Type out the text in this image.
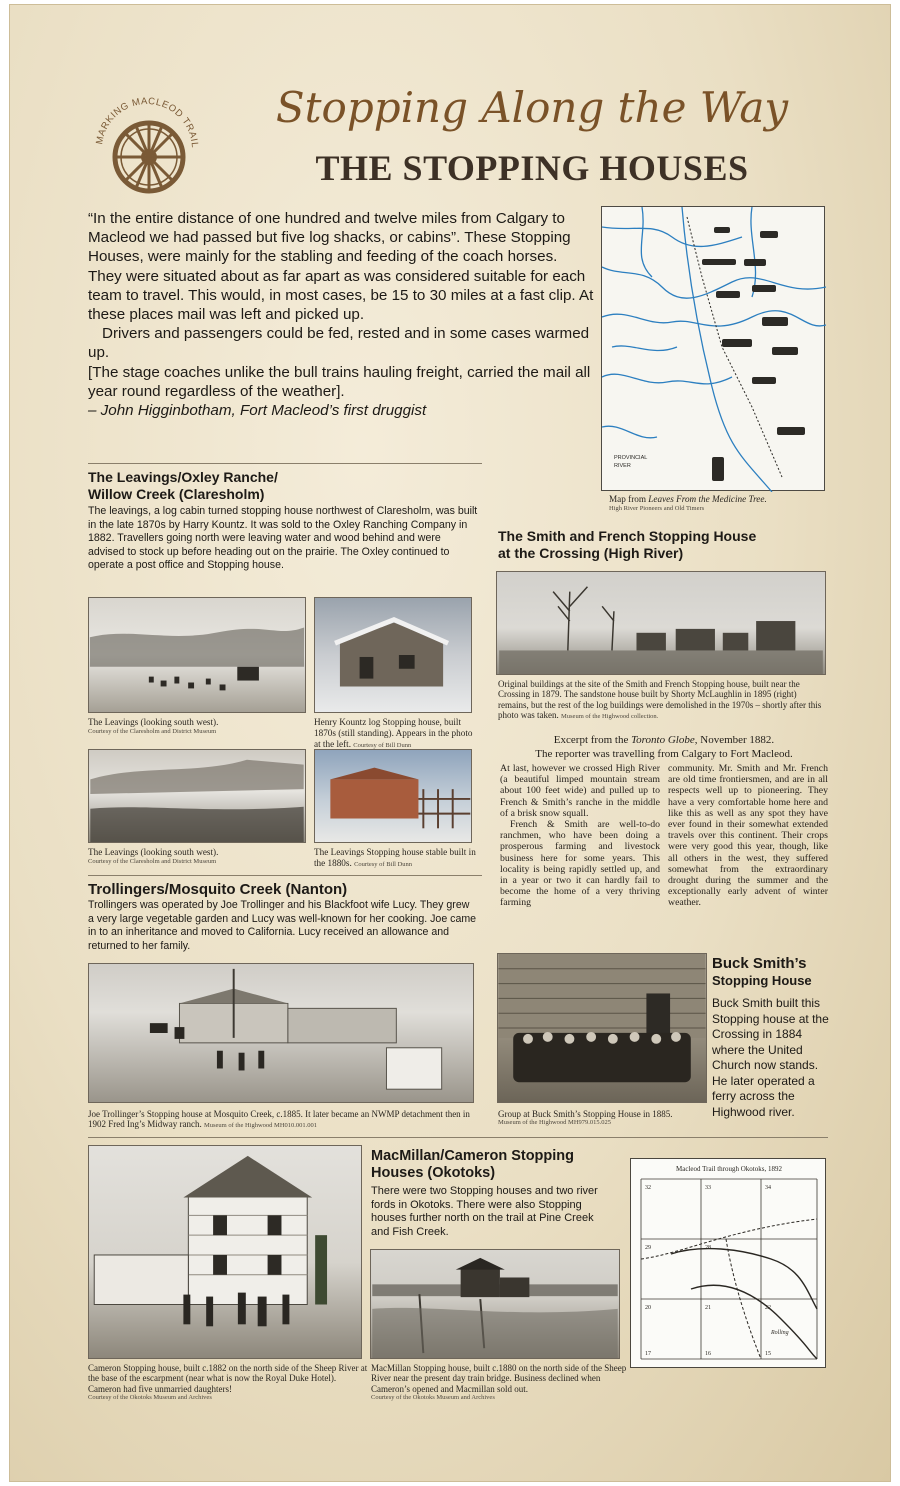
MARKING MACLEOD TRAIL
Stopping Along the Way
THE STOPPING HOUSES
“In the entire distance of one hundred and twelve miles from Calgary to Macleod we had passed but five log shacks, or cabins”. These Stopping Houses, were mainly for the stabling and feeding of the coach horses. They were situated about as far apart as was considered suitable for each team to travel. This would, in most cases, be 15 to 30 miles at a fast clip. At these places mail was left and picked up.
Drivers and passengers could be fed, rested and in some cases warmed up.
[The stage coaches unlike the bull trains hauling freight, carried the mail all year round regardless of the weather].
– John Higginbotham, Fort Macleod’s first druggist
PROVINCIAL
RIVER
Map from Leaves From the Medicine Tree.
High River Pioneers and Old Timers
The Leavings/Oxley Ranche/
Willow Creek (Claresholm)
The leavings, a log cabin turned stopping house northwest of Claresholm, was built in the late 1870s by Harry Kountz. It was sold to the Oxley Ranching Company in 1882. Travellers going north were leaving water and wood behind and were advised to stock up before heading out on the prairie. The Oxley continued to operate a post office and Stopping house.
The Leavings (looking south west).
Courtesy of the Claresholm and District Museum
Henry Kountz log Stopping house, built 1870s (still standing). Appears in the photo at the left. Courtesy of Bill Dunn
The Leavings (looking south west).
Courtesy of the Claresholm and District Museum
The Leavings Stopping house stable built in the 1880s. Courtesy of Bill Dunn
The Smith and French Stopping House
at the Crossing (High River)
Original buildings at the site of the Smith and French Stopping house, built near the Crossing in 1879. The sandstone house built by Shorty McLaughlin in 1895 (right) remains, but the rest of the log buildings were demolished in the 1970s – shortly after this photo was taken. Museum of the Highwood collection.
Excerpt from the Toronto Globe, November 1882.
The reporter was travelling from Calgary to Fort Macleod.

At last, however we crossed High River (a beautiful limped mountain stream about 100 feet wide) and pulled up to French & Smith’s ranche in the middle of a brisk snow squall.

French & Smith are well-to-do ranchmen, who have been doing a prosperous farming and livestock business here for some years. This locality is being rapidly settled up, and in a year or two it can hardly fail to become the home of a very thriving farming

community. Mr. Smith and Mr. French are old time frontiersmen, and are in all respects well up to pioneering. They have a very comfortable home here and like this as well as any spot they have ever found in their somewhat extended travels over this continent. Their crops were very good this year, though, like all others in the west, they suffered somewhat from the extraordinary drought during the summer and the exceptionally early advent of winter weather.

Trollingers/Mosquito Creek (Nanton)
Trollingers was operated by Joe Trollinger and his Blackfoot wife Lucy. They grew a very large vegetable garden and Lucy was well-known for her cooking. Joe came in to an inheritance and moved to California. Lucy received an allowance and returned to her family.
Joe Trollinger’s Stopping house at Mosquito Creek, c.1885. It later became an NWMP detachment then in 1902 Fred Ing’s Midway ranch. Museum of the Highwood MH010.001.001
Group at Buck Smith’s Stopping House in 1885.
Museum of the Highwood MH979.015.025
Buck Smith’s
Stopping House
Buck Smith built this Stopping house at the Crossing in 1884 where the United Church now stands. He later operated a ferry across the Highwood river.
Cameron Stopping house, built c.1882 on the north side of the Sheep River at the base of the escarpment (near what is now the Royal Duke Hotel). Cameron had five unmarried daughters!
Courtesy of the Okotoks Museum and Archives
MacMillan/Cameron Stopping
Houses (Okotoks)
There were two Stopping houses and two river fords in Okotoks. There were also Stopping houses further north on the trail at Pine Creek and Fish Creek.
MacMillan Stopping house, built c.1880 on the north side of the Sheep River near the present day train bridge. Business declined when Cameron’s opened and Macmillan sold out.
Courtesy of the Okotoks Museum and Archives
Macleod Trail through Okotoks, 1892
32	33	34
29	28
20	21	22
17	16	15
Rolling
